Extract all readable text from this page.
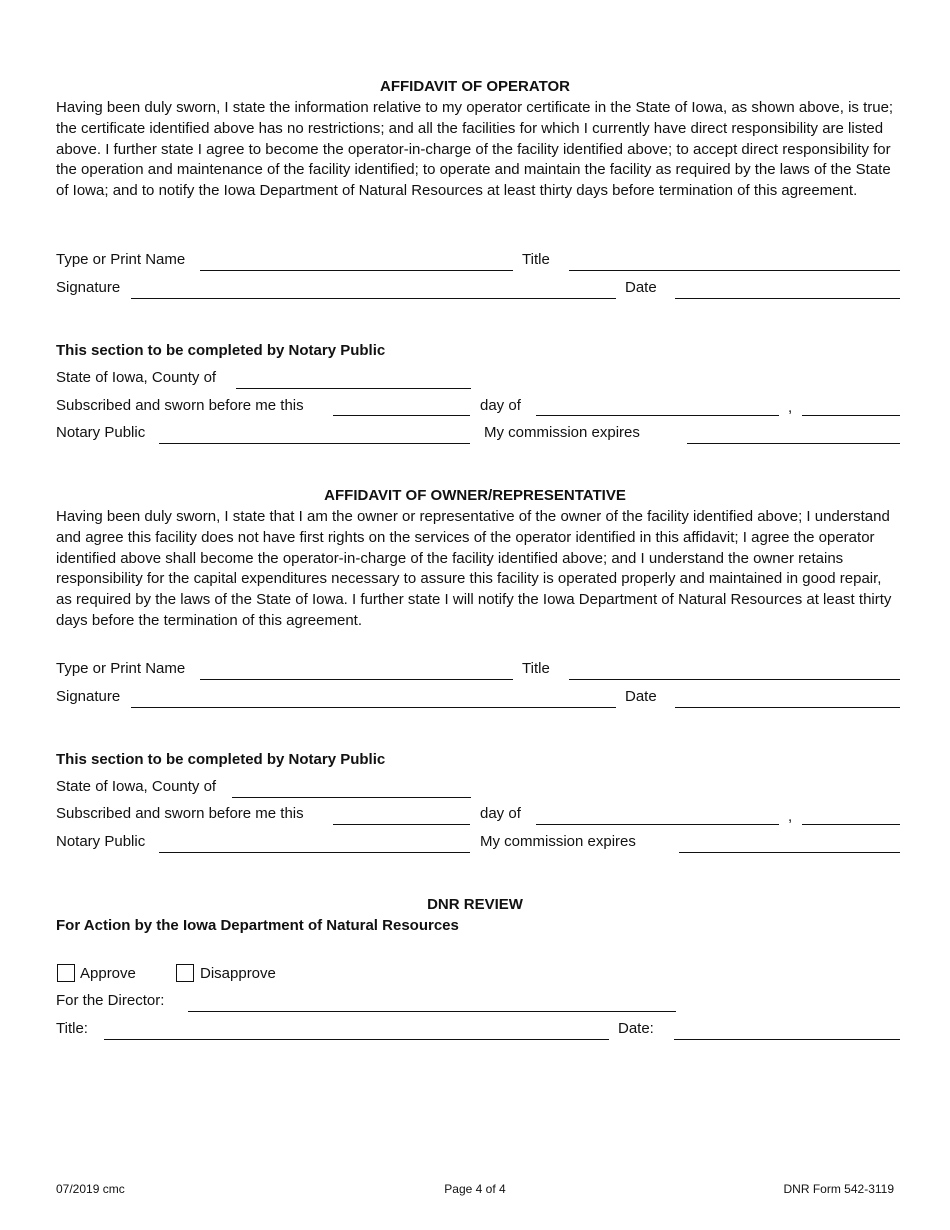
AFFIDAVIT OF OPERATOR
Having been duly sworn, I state the information relative to my operator certificate in the State of Iowa, as shown above, is true; the certificate identified above has no restrictions; and all the facilities for which I currently have direct responsibility are listed above. I further state I agree to become the operator-in-charge of the facility identified above; to accept direct responsibility for the operation and maintenance of the facility identified; to operate and maintain the facility as required by the laws of the State of Iowa; and to notify the Iowa Department of Natural Resources at least thirty days before termination of this agreement.
Type or Print Name	Title
Signature	Date
This section to be completed by Notary Public
State of Iowa, County of
Subscribed and sworn before me this	day of	,
Notary Public	My commission expires
AFFIDAVIT OF OWNER/REPRESENTATIVE
Having been duly sworn, I state that I am the owner or representative of the owner of the facility identified above; I understand and agree this facility does not have first rights on the services of the operator identified in this affidavit; I agree the operator identified above shall become the operator-in-charge of the facility identified above; and I understand the owner retains responsibility for the capital expenditures necessary to assure this facility is operated properly and maintained in good repair, as required by the laws of the State of Iowa. I further state I will notify the Iowa Department of Natural Resources at least thirty days before the termination of this agreement.
Type or Print Name	Title
Signature	Date
This section to be completed by Notary Public
State of Iowa, County of
Subscribed and sworn before me this	day of	,
Notary Public	My commission expires
DNR REVIEW
For Action by the Iowa Department of Natural Resources
Approve	Disapprove
For the Director:
Title:	Date:
07/2019 cmc	Page 4 of 4	DNR Form 542-3119
